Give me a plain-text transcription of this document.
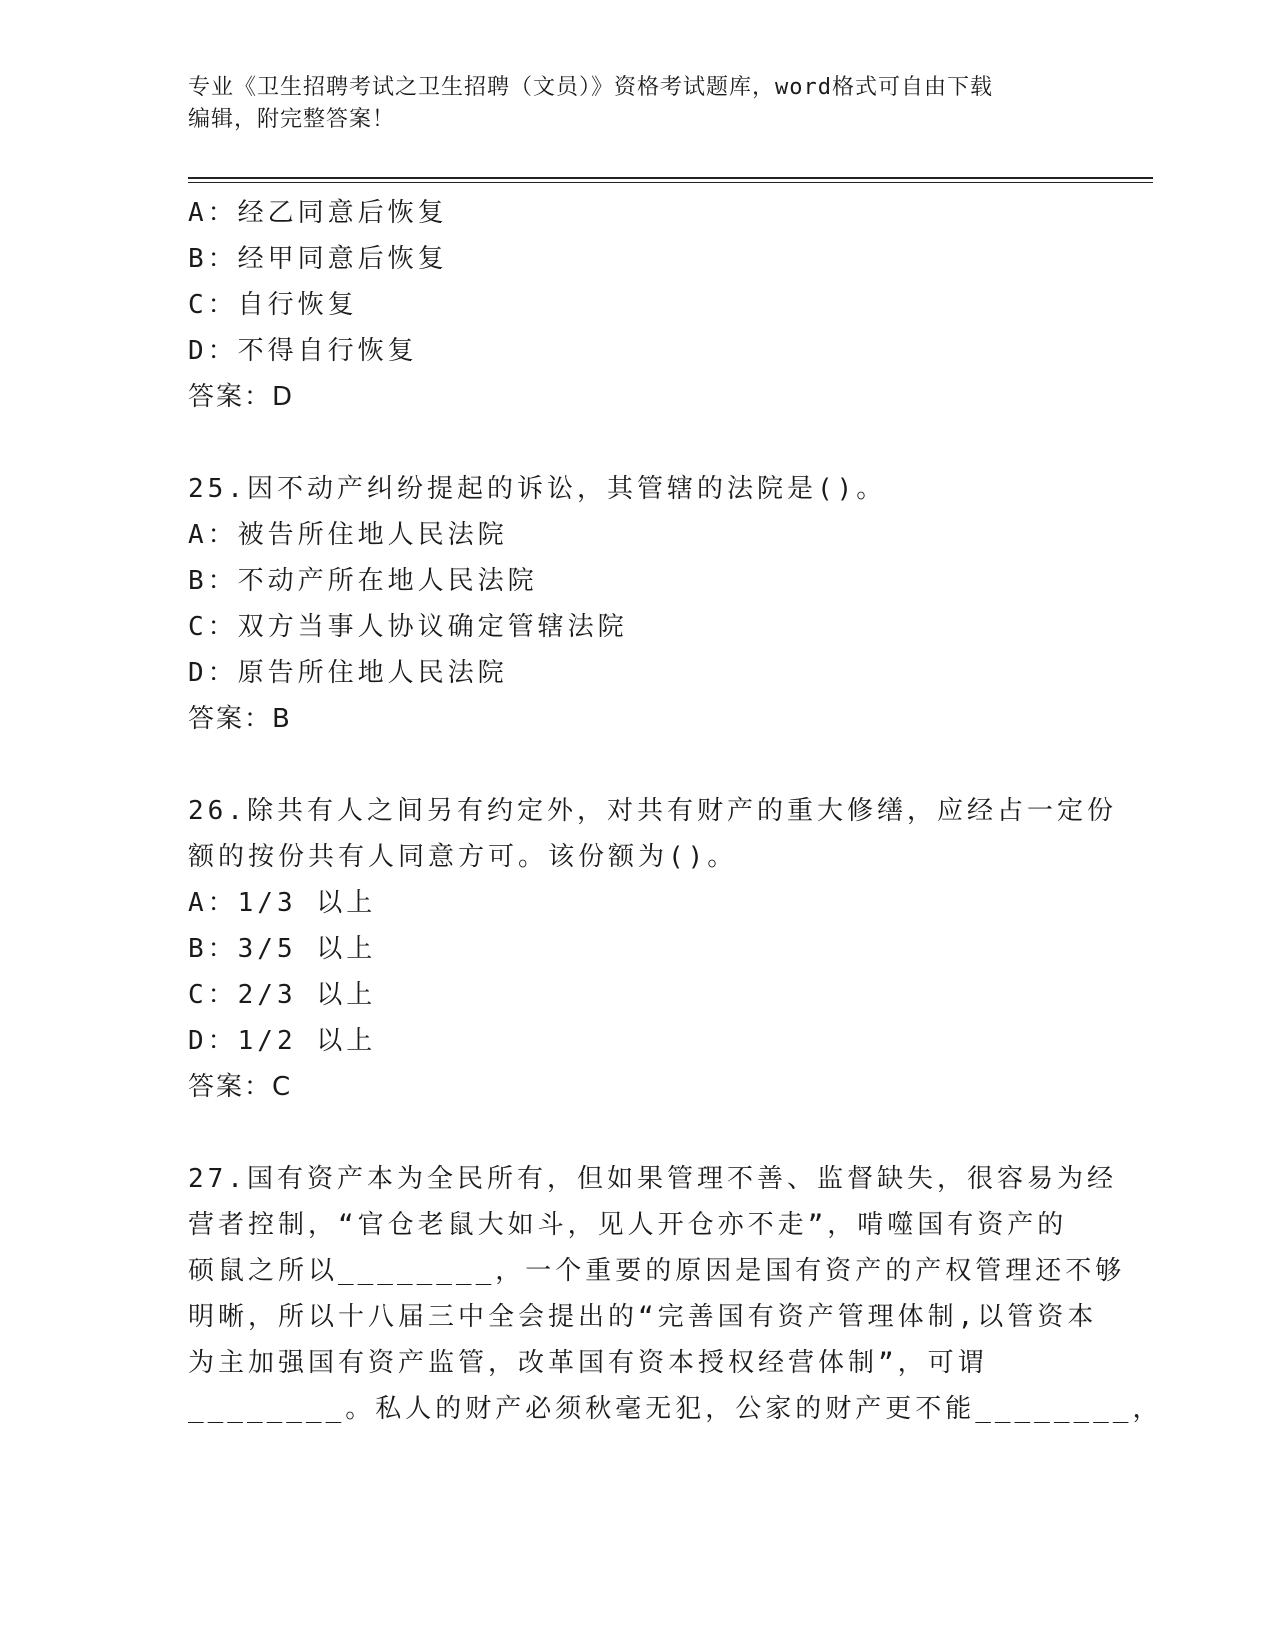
专业《卫生招聘考试之卫生招聘（文员）》资格考试题库，word格式可自由下载
编辑，附完整答案！
A：经乙同意后恢复
B：经甲同意后恢复
C：自行恢复
D：不得自行恢复
答案：D
25.因不动产纠纷提起的诉讼，其管辖的法院是()。
A：被告所住地人民法院
B：不动产所在地人民法院
C：双方当事人协议确定管辖法院
D：原告所住地人民法院
答案：B
26.除共有人之间另有约定外，对共有财产的重大修缮，应经占一定份
额的按份共有人同意方可。该份额为()。
A：1/3 以上
B：3/5 以上
C：2/3 以上
D：1/2 以上
答案：C
27.国有资产本为全民所有，但如果管理不善、监督缺失，很容易为经
营者控制，“官仓老鼠大如斗，见人开仓亦不走”，啃噬国有资产的
硕鼠之所以________，一个重要的原因是国有资产的产权管理还不够
明晰，所以十八届三中全会提出的“完善国有资产管理体制,以管资本
为主加强国有资产监管，改革国有资本授权经营体制”，可谓
________。私人的财产必须秋毫无犯，公家的财产更不能________，
